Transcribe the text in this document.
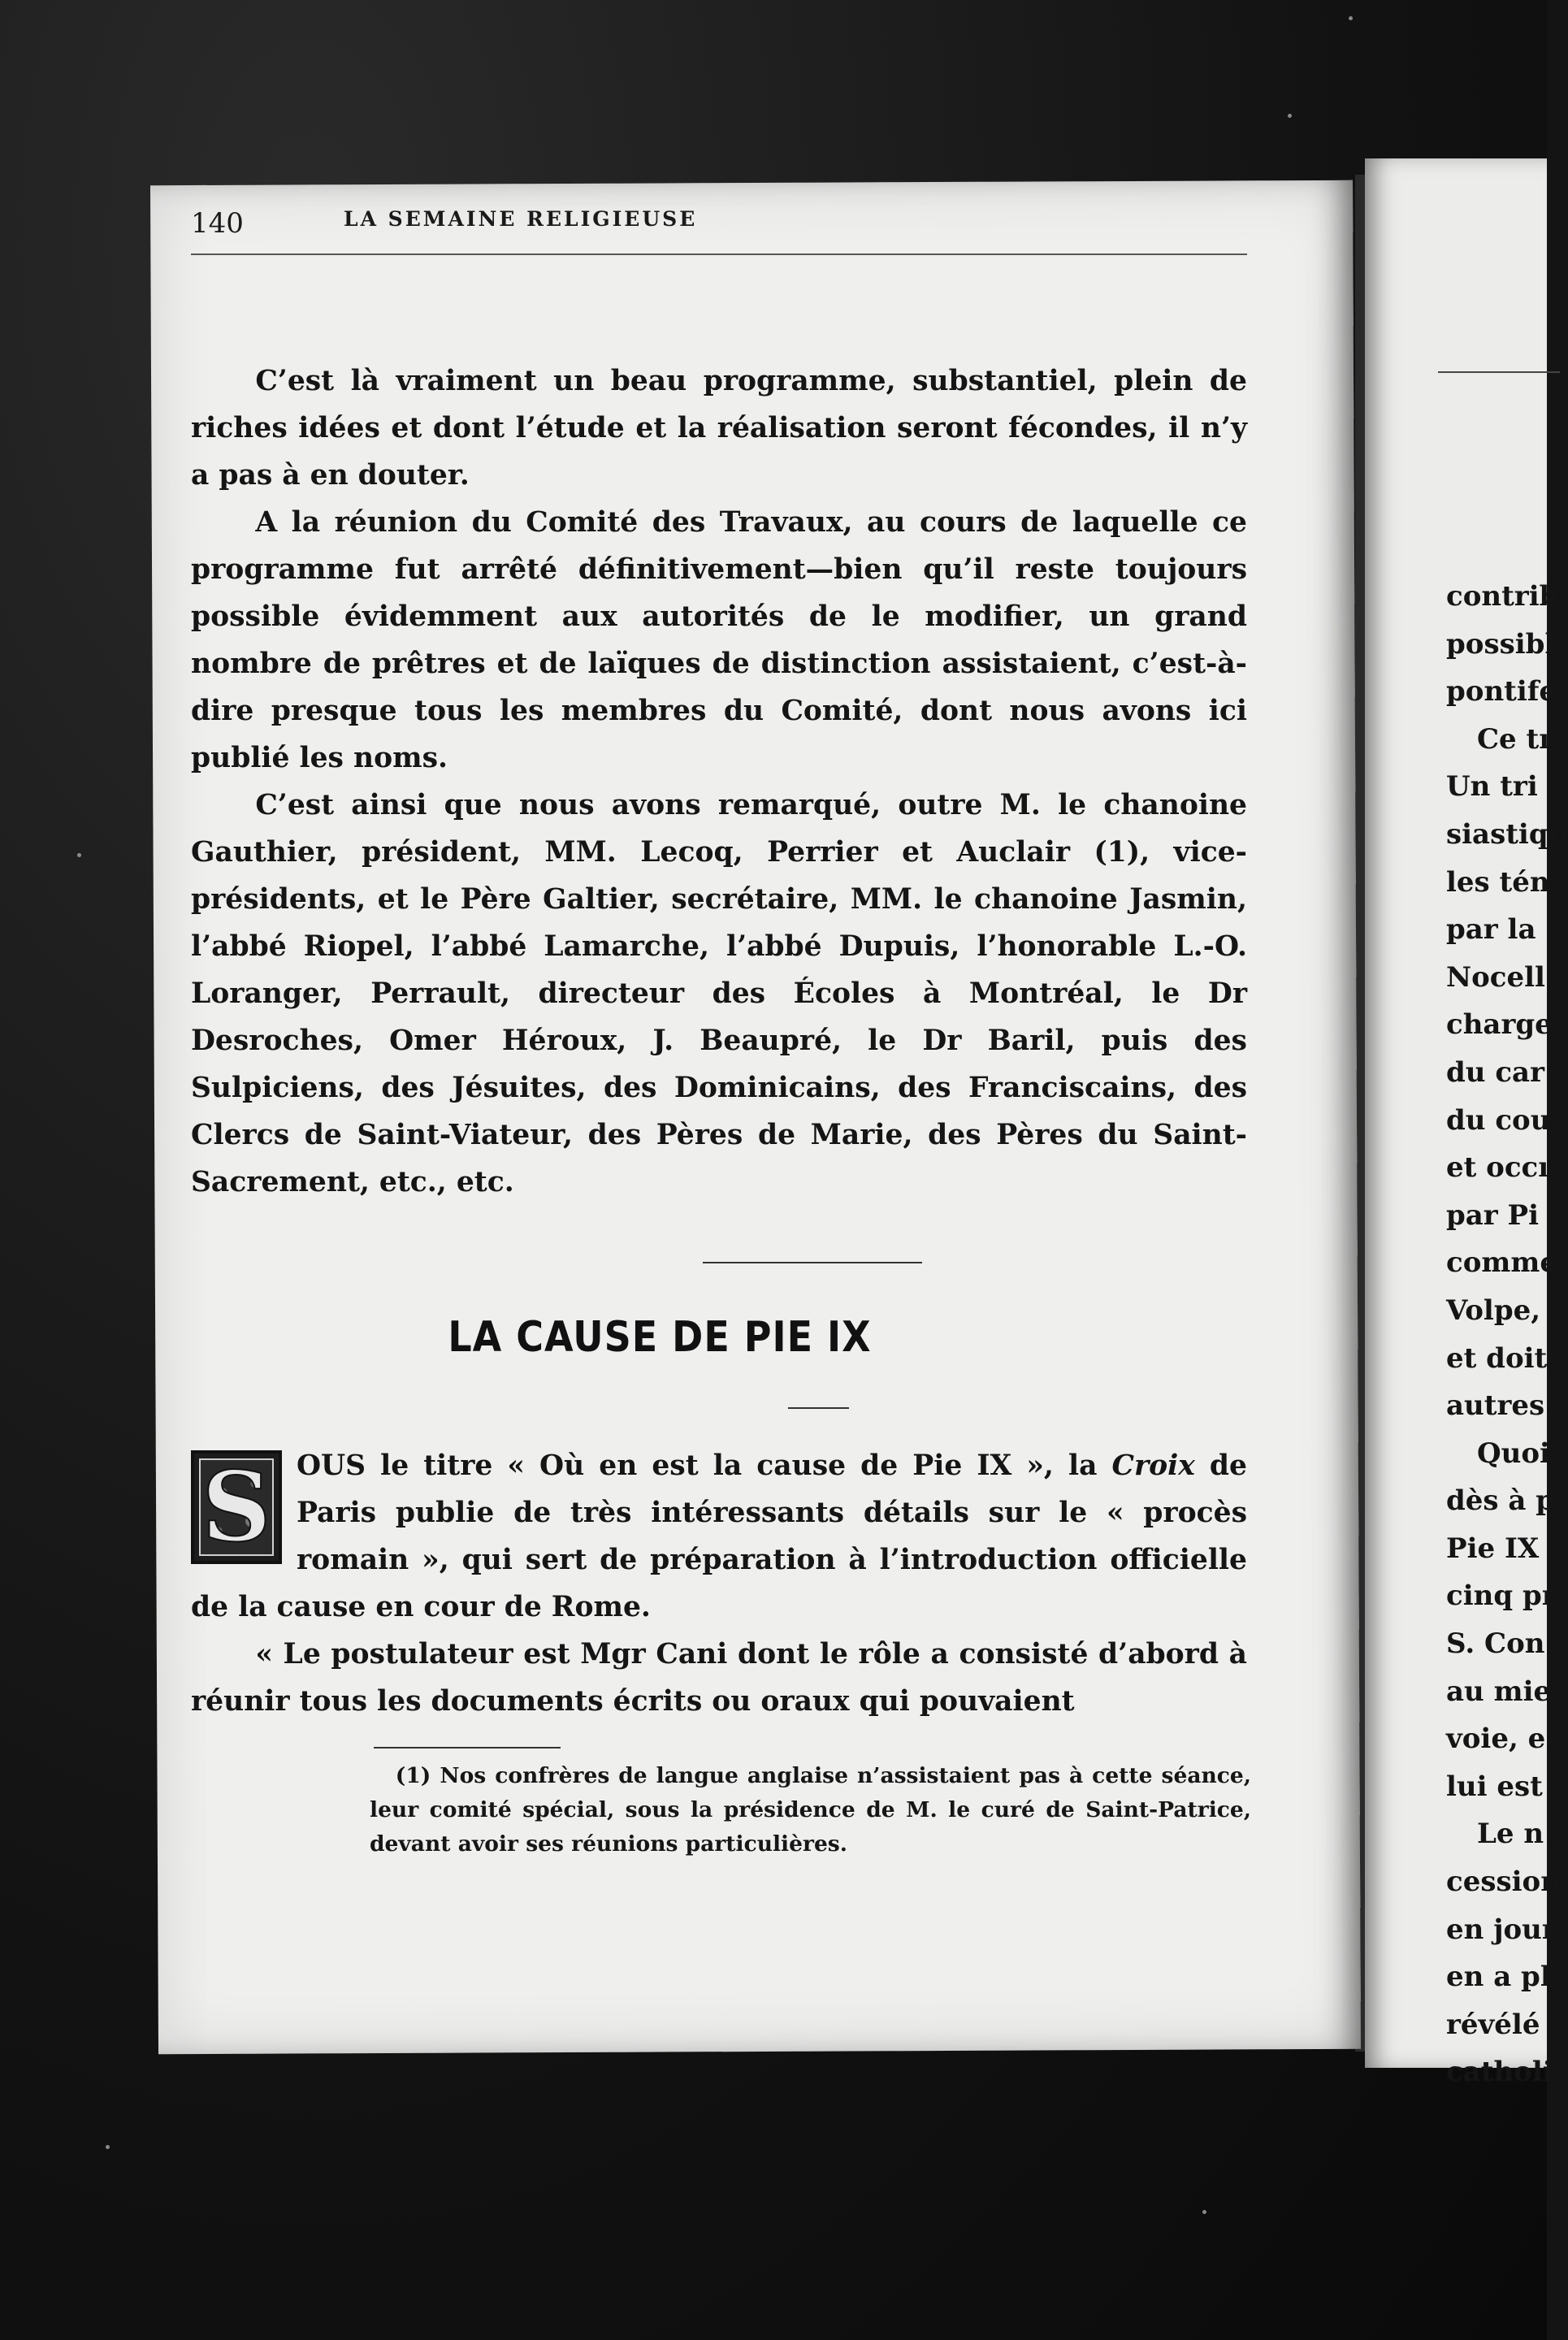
contrib
possibl
pontife
Ce tı
Un tri
siastiqu
les tén
par la
Nocell
charge
du car
du cou
et occı
par Pi
comme
Volpe,
et doit
autres
Quoi
dès à p
Pie IX
cinq pı
S. Con
au mie
voie, e
lui est
Le n
cession
en jour
en a pl
révélé
catholi
140	LA SEMAINE RELIGIEUSE

C’est là vraiment un beau programme, substantiel, plein de riches idées et dont l’étude et la réalisation seront fécondes, il n’y a pas à en douter.

A la réunion du Comité des Travaux, au cours de laquelle ce programme fut arrêté définitivement—bien qu’il reste toujours possible évidemment aux autorités de le modifier, un grand nombre de prêtres et de laïques de distinction assistaient, c’est-à-dire presque tous les membres du Comité, dont nous avons ici publié les noms.

C’est ainsi que nous avons remarqué, outre M. le chanoine Gauthier, président, MM. Lecoq, Perrier et Auclair (1), vice-présidents, et le Père Galtier, secrétaire, MM. le chanoine Jasmin, l’abbé Riopel, l’abbé Lamarche, l’abbé Dupuis, l’honorable L.-O. Loranger, Perrault, directeur des Écoles à Montréal, le Dr Desroches, Omer Héroux, J. Beaupré, le Dr Baril, puis des Sulpiciens, des Jésuites, des Dominicains, des Franciscains, des Clercs de Saint-Viateur, des Pères de Marie, des Pères du Saint-Sacrement, etc., etc.

LA CAUSE DE PIE IX
S OUS le titre « Où en est la cause de Pie IX », la Croix de Paris publie de très intéressants détails sur le « procès romain », qui sert de préparation à l’introduction officielle de la cause en cour de Rome.

« Le postulateur est Mgr Cani dont le rôle a consisté d’abord à réunir tous les documents écrits ou oraux qui pouvaient

(1) Nos confrères de langue anglaise n’assistaient pas à cette séance, leur comité spécial, sous la présidence de M. le curé de Saint-Patrice, devant avoir ses réunions particulières.
